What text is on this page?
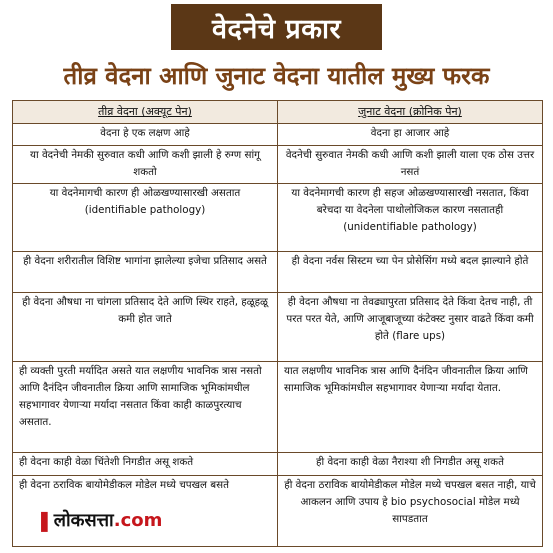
वेदनेचे प्रकार
तीव्र वेदना आणि जुनाट वेदना यातील मुख्य फरक
तीव्र वेदना (अक्यूट पेन)	जुनाट वेदना (क्रोनिक पेन)
वेदना हे एक लक्षण आहे	वेदना हा आजार आहे
या वेदनेची नेमकी सुरुवात कधी आणि कशी झाली हे रुग्ण सांगू शकतो	वेदनेची सुरुवात नेमकी कधी आणि कशी झाली याला एक ठोस उत्तर नसतं
या वेदनेमागची कारण ही ओळखण्यासारखी असतात (identifiable pathology)	या वेदनेमागची कारण ही सहज ओळखण्यासारखी नसतात, किंवा बरेचदा या वेदनेला पाथोलोजिकल कारण नसतातही (unidentifiable pathology)
ही वेदना शरीरातील विशिष्ट भागांना झालेल्या इजेचा प्रतिसाद असते	ही वेदना नर्वस सिस्टम च्या पेन प्रोसेसिंग मध्ये बदल झाल्याने होते
ही वेदना औषधा ना चांगला प्रतिसाद देते आणि स्थिर राहते, हळूहळू कमी होत जाते	ही वेदना औषधा ना तेवढ्यापुरता प्रतिसाद देते किंवा देतच नाही, ती परत परत येते, आणि आजूबाजूच्या कंटेक्स्ट नुसार वाढते किंवा कमी होते (flare ups)
ही व्यक्ती पुरती मर्यादित असते यात लक्षणीय भावनिक त्रास नसतो आणि दैनंदिन जीवनातील क्रिया आणि सामाजिक भूमिकांमधील सहभागावर येणाऱ्या मर्यादा नसतात किंवा काही काळपुरत्याच असतात.	यात लक्षणीय भावनिक त्रास आणि दैनंदिन जीवनातील क्रिया आणि सामाजिक भूमिकांमधील सहभागावर येणाऱ्या मर्यादा येतात.
ही वेदना काही वेळा चिंतेशी निगडीत असू शकते	ही वेदना काही वेळा नैराश्या शी निगडीत असू शकते
ही वेदना ठराविक बायोमेडीकल मोडेल मध्ये चपखल बसते	ही वेदना ठराविक बायोमेडीकल मोडेल मध्ये चपखल बसत नाही, याचे आकलन आणि उपाय हे bio psychosocial मोडेल मध्ये सापडतात
❚ लोकसत्ता .com
